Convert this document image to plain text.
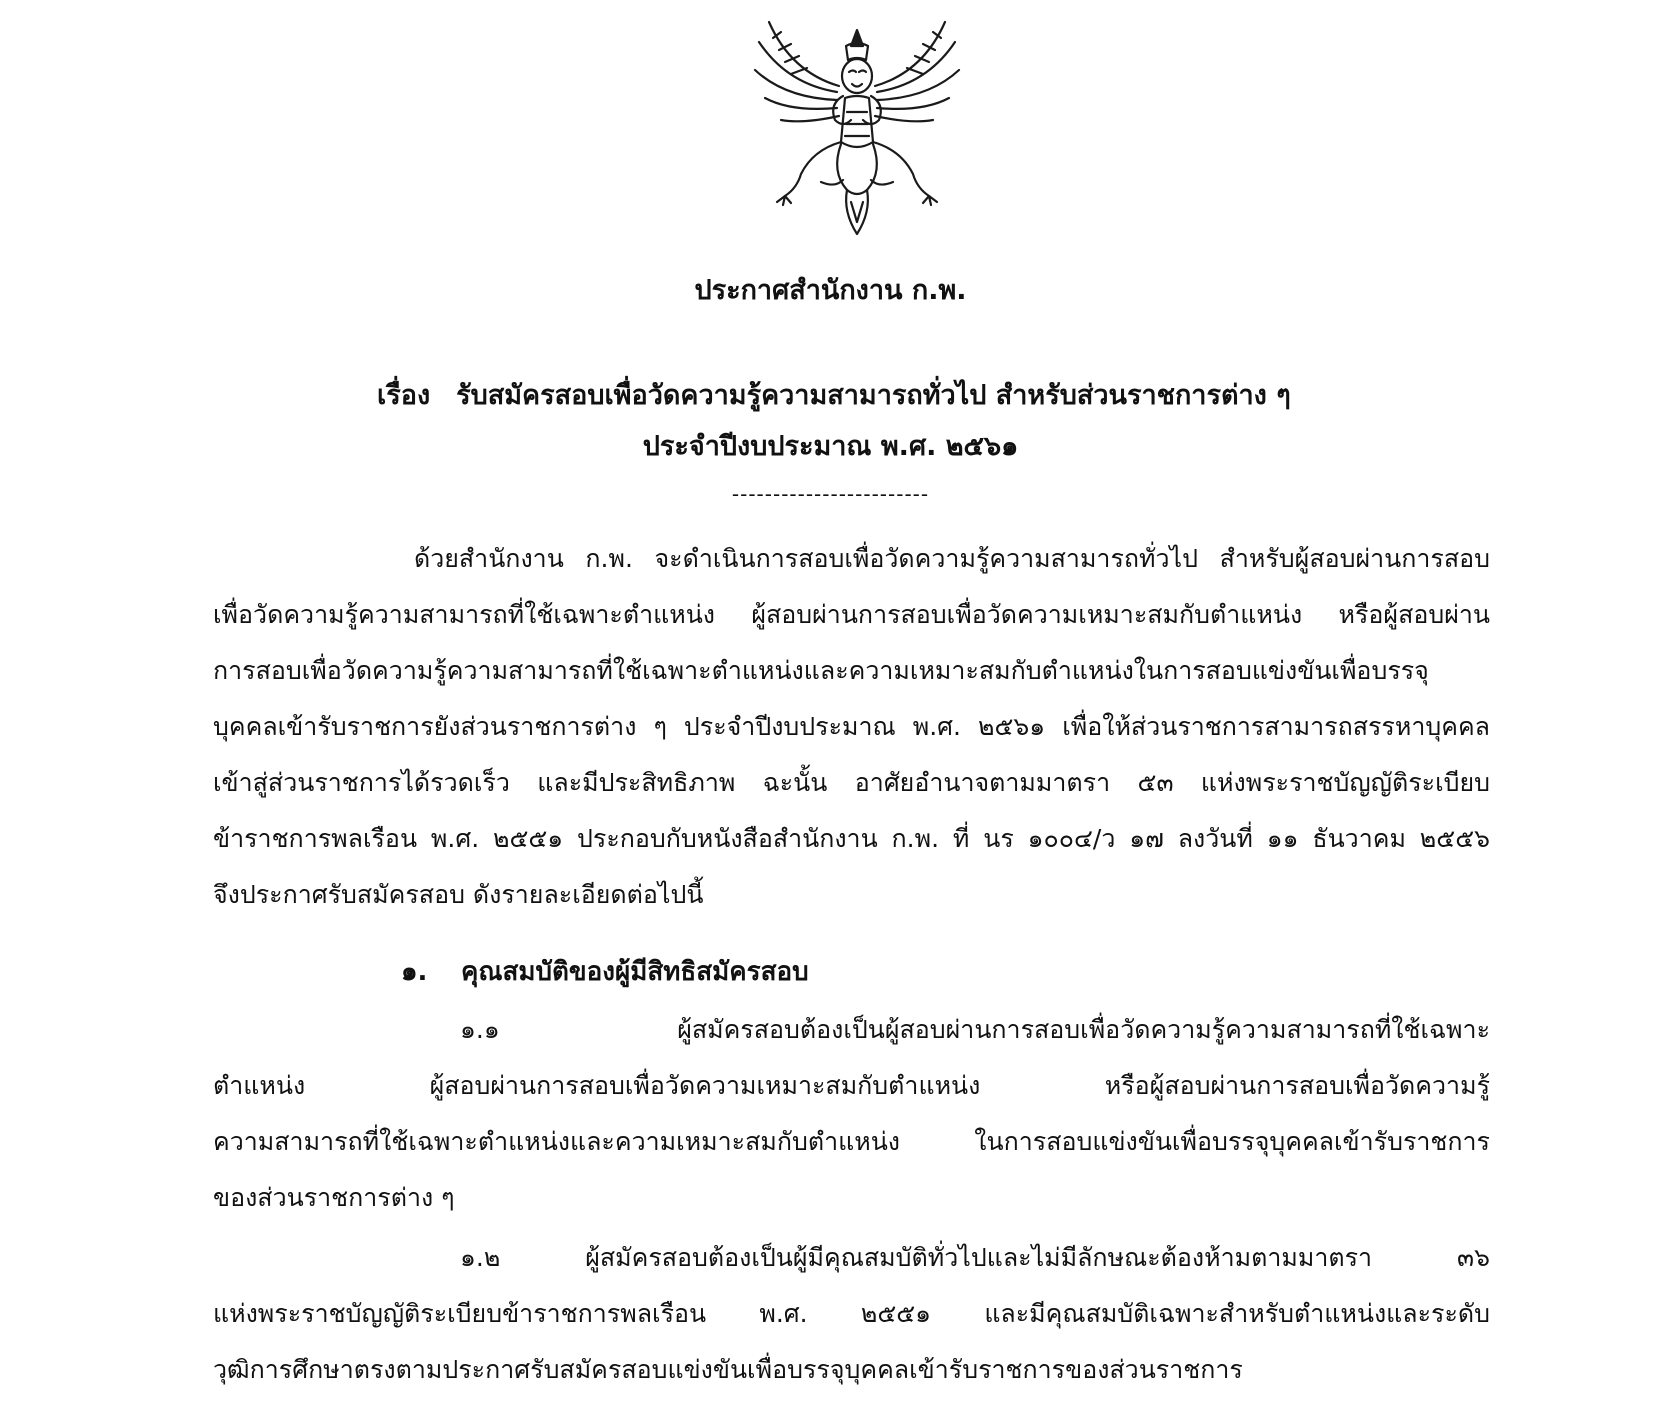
ประกาศสำนักงาน ก.พ.
เรื่อง รับสมัครสอบเพื่อวัดความรู้ความสามารถทั่วไป สำหรับส่วนราชการต่าง ๆ
ประจำปีงบประมาณ พ.ศ. ๒๕๖๑
------------------------
ด้วยสำนักงาน ก.พ. จะดำเนินการสอบเพื่อวัดความรู้ความสามารถทั่วไป สำหรับผู้สอบผ่านการสอบ
เพื่อวัดความรู้ความสามารถที่ใช้เฉพาะตำแหน่ง ผู้สอบผ่านการสอบเพื่อวัดความเหมาะสมกับตำแหน่ง หรือผู้สอบผ่าน
การสอบเพื่อวัดความรู้ความสามารถที่ใช้เฉพาะตำแหน่งและความเหมาะสมกับตำแหน่งในการสอบแข่งขันเพื่อบรรจุ
บุคคลเข้ารับราชการยังส่วนราชการต่าง ๆ ประจำปีงบประมาณ พ.ศ. ๒๕๖๑ เพื่อให้ส่วนราชการสามารถสรรหาบุคคล
เข้าสู่ส่วนราชการได้รวดเร็ว และมีประสิทธิภาพ ฉะนั้น อาศัยอำนาจตามมาตรา ๕๓ แห่งพระราชบัญญัติระเบียบ
ข้าราชการพลเรือน พ.ศ. ๒๕๕๑ ประกอบกับหนังสือสำนักงาน ก.พ. ที่ นร ๑๐๐๔/ว ๑๗ ลงวันที่ ๑๑ ธันวาคม ๒๕๕๖
จึงประกาศรับสมัครสอบ ดังรายละเอียดต่อไปนี้
๑. คุณสมบัติของผู้มีสิทธิสมัครสอบ
๑.๑ ผู้สมัครสอบต้องเป็นผู้สอบผ่านการสอบเพื่อวัดความรู้ความสามารถที่ใช้เฉพาะ
ตำแหน่ง ผู้สอบผ่านการสอบเพื่อวัดความเหมาะสมกับตำแหน่ง หรือผู้สอบผ่านการสอบเพื่อวัดความรู้
ความสามารถที่ใช้เฉพาะตำแหน่งและความเหมาะสมกับตำแหน่ง ในการสอบแข่งขันเพื่อบรรจุบุคคลเข้ารับราชการ
ของส่วนราชการต่าง ๆ
๑.๒ ผู้สมัครสอบต้องเป็นผู้มีคุณสมบัติทั่วไปและไม่มีลักษณะต้องห้ามตามมาตรา ๓๖
แห่งพระราชบัญญัติระเบียบข้าราชการพลเรือน พ.ศ. ๒๕๕๑ และมีคุณสมบัติเฉพาะสำหรับตำแหน่งและระดับ
วุฒิการศึกษาตรงตามประกาศรับสมัครสอบแข่งขันเพื่อบรรจุบุคคลเข้ารับราชการของส่วนราชการ
